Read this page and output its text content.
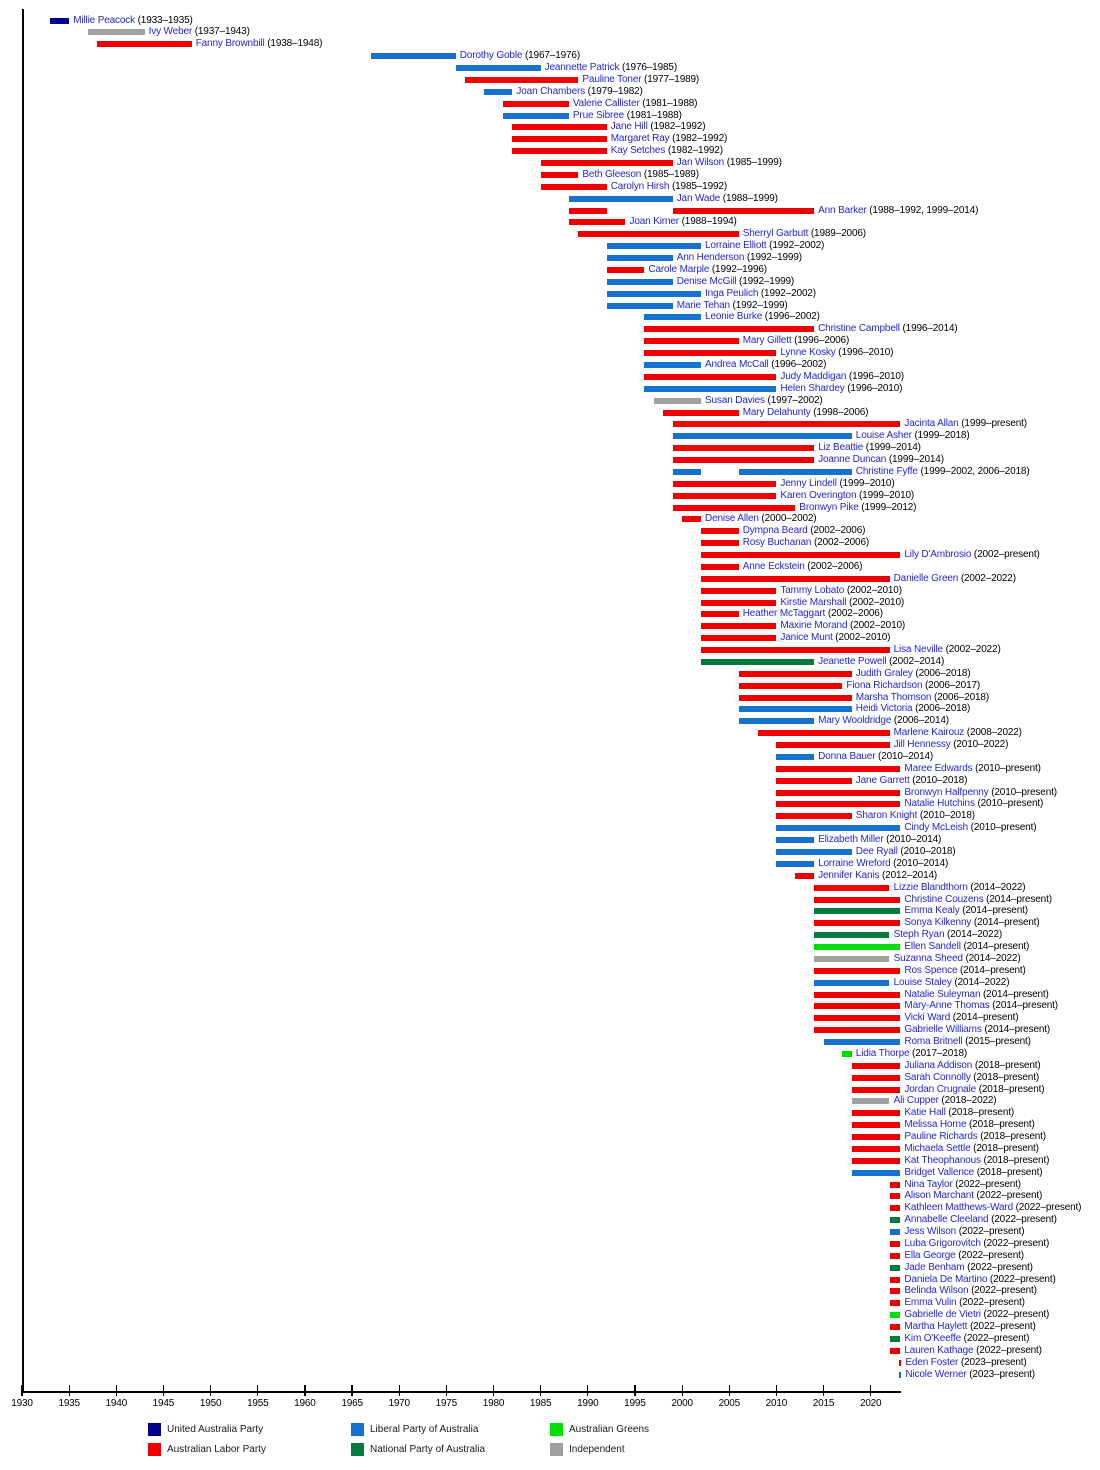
Millie Peacock (1933–1935)
Ivy Weber (1937–1943)
Fanny Brownbill (1938–1948)
Dorothy Goble (1967–1976)
Jeannette Patrick (1976–1985)
Pauline Toner (1977–1989)
Joan Chambers (1979–1982)
Valerie Callister (1981–1988)
Prue Sibree (1981–1988)
Jane Hill (1982–1992)
Margaret Ray (1982–1992)
Kay Setches (1982–1992)
Jan Wilson (1985–1999)
Beth Gleeson (1985–1989)
Carolyn Hirsh (1985–1992)
Jan Wade (1988–1999)
Ann Barker (1988–1992, 1999–2014)
Joan Kirner (1988–1994)
Sherryl Garbutt (1989–2006)
Lorraine Elliott (1992–2002)
Ann Henderson (1992–1999)
Carole Marple (1992–1996)
Denise McGill (1992–1999)
Inga Peulich (1992–2002)
Marie Tehan (1992–1999)
Leonie Burke (1996–2002)
Christine Campbell (1996–2014)
Mary Gillett (1996–2006)
Lynne Kosky (1996–2010)
Andrea McCall (1996–2002)
Judy Maddigan (1996–2010)
Helen Shardey (1996–2010)
Susan Davies (1997–2002)
Mary Delahunty (1998–2006)
Jacinta Allan (1999–present)
Louise Asher (1999–2018)
Liz Beattie (1999–2014)
Joanne Duncan (1999–2014)
Christine Fyffe (1999–2002, 2006–2018)
Jenny Lindell (1999–2010)
Karen Overington (1999–2010)
Bronwyn Pike (1999–2012)
Denise Allen (2000–2002)
Dympna Beard (2002–2006)
Rosy Buchanan (2002–2006)
Lily D'Ambrosio (2002–present)
Anne Eckstein (2002–2006)
Danielle Green (2002–2022)
Tammy Lobato (2002–2010)
Kirstie Marshall (2002–2010)
Heather McTaggart (2002–2006)
Maxine Morand (2002–2010)
Janice Munt (2002–2010)
Lisa Neville (2002–2022)
Jeanette Powell (2002–2014)
Judith Graley (2006–2018)
Fiona Richardson (2006–2017)
Marsha Thomson (2006–2018)
Heidi Victoria (2006–2018)
Mary Wooldridge (2006–2014)
Marlene Kairouz (2008–2022)
Jill Hennessy (2010–2022)
Donna Bauer (2010–2014)
Maree Edwards (2010–present)
Jane Garrett (2010–2018)
Bronwyn Halfpenny (2010–present)
Natalie Hutchins (2010–present)
Sharon Knight (2010–2018)
Cindy McLeish (2010–present)
Elizabeth Miller (2010–2014)
Dee Ryall (2010–2018)
Lorraine Wreford (2010–2014)
Jennifer Kanis (2012–2014)
Lizzie Blandthorn (2014–2022)
Christine Couzens (2014–present)
Emma Kealy (2014–present)
Sonya Kilkenny (2014–present)
Steph Ryan (2014–2022)
Ellen Sandell (2014–present)
Suzanna Sheed (2014–2022)
Ros Spence (2014–present)
Louise Staley (2014–2022)
Natalie Suleyman (2014–present)
Mary-Anne Thomas (2014–present)
Vicki Ward (2014–present)
Gabrielle Williams (2014–present)
Roma Britnell (2015–present)
Lidia Thorpe (2017–2018)
Juliana Addison (2018–present)
Sarah Connolly (2018–present)
Jordan Crugnale (2018–present)
Ali Cupper (2018–2022)
Katie Hall (2018–present)
Melissa Horne (2018–present)
Pauline Richards (2018–present)
Michaela Settle (2018–present)
Kat Theophanous (2018–present)
Bridget Vallence (2018–present)
Nina Taylor (2022–present)
Alison Marchant (2022–present)
Kathleen Matthews-Ward (2022–present)
Annabelle Cleeland (2022–present)
Jess Wilson (2022–present)
Luba Grigorovitch (2022–present)
Ella George (2022–present)
Jade Benham (2022–present)
Daniela De Martino (2022–present)
Belinda Wilson (2022–present)
Emma Vulin (2022–present)
Gabrielle de Vietri (2022–present)
Martha Haylett (2022–present)
Kim O'Keeffe (2022–present)
Lauren Kathage (2022–present)
Eden Foster (2023–present)
Nicole Werner (2023–present)
1930	1935	1940	1945	1950	1955	1960	1965	1970	1975	1980	1985	1990	1995	2000	2005	2010	2015	2020
United Australia Party
Australian Labor Party
Liberal Party of Australia
National Party of Australia
Australian Greens
Independent
